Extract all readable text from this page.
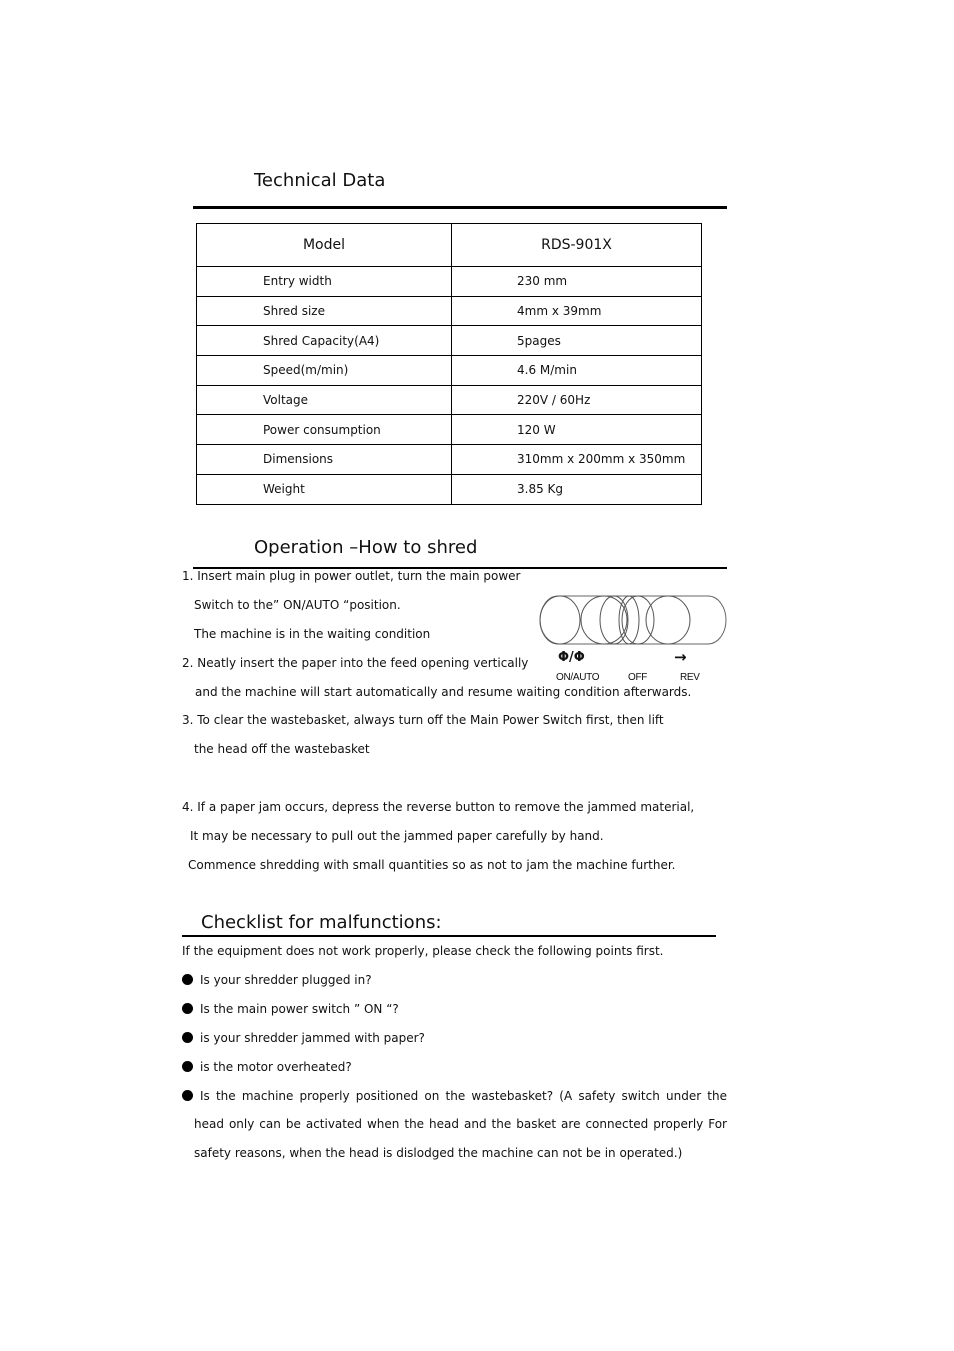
Technical Data
Model	RDS-901X
Entry width	230 mm
Shred size	4mm x 39mm
Shred Capacity(A4)	5pages
Speed(m/min)	4.6 M/min
Voltage	220V / 60Hz
Power consumption	120 W
Dimensions	310mm x 200mm x 350mm
Weight	3.85 Kg
Operation –How to shred
1. Insert main plug in power outlet, turn the main power
Switch to the” ON/AUTO “position.
The machine is in the waiting condition
2. Neatly insert the paper into the feed opening vertically
and the machine will start automatically and resume waiting condition afterwards.
3. To clear the wastebasket, always turn off the Main Power Switch first, then lift
the head off the wastebasket
4. If a paper jam occurs, depress the reverse button to remove the jammed material,
It may be necessary to pull out the jammed paper carefully by hand.
Commence shredding with small quantities so as not to jam the machine further.
Φ/Φ	→
ON/AUTO	OFF	REV
Checklist for malfunctions:
If the equipment does not work properly, please check the following points first.
Is your shredder plugged in?
Is the main power switch ” ON “?
is your shredder jammed with paper?
is the motor overheated?
Is the machine properly positioned on the wastebasket? (A safety switch under the
head only can be activated when the head and the basket are connected properly For
safety reasons, when the head is dislodged the machine can not be in operated.)
